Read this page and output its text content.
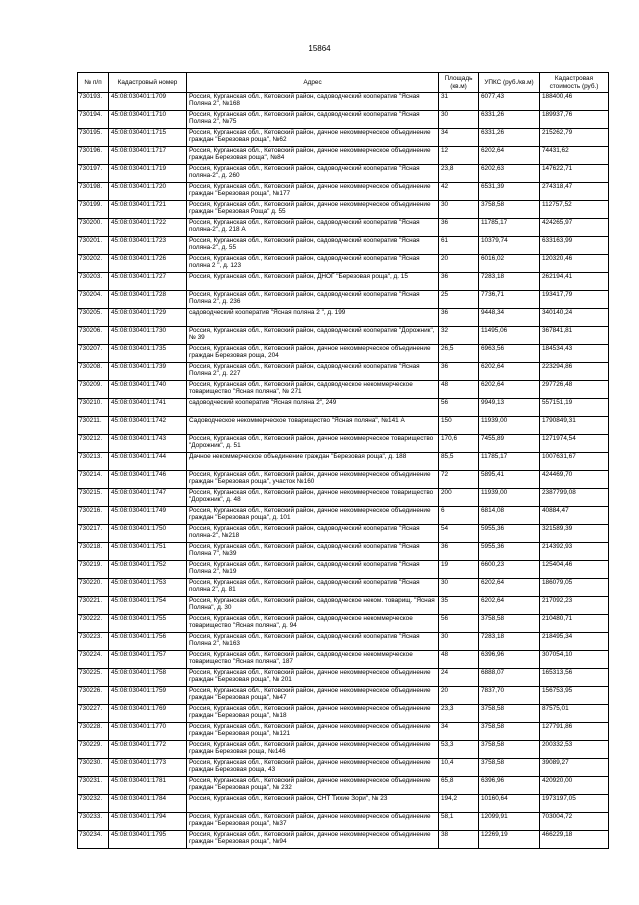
15864
№ п/п	Кадастровый номер	Адрес	Площадь (кв.м)	УПКС (руб./кв.м)	Кадастровая стоимость (руб.)
730193.	45:08:030401:1709	Россия, Курганская обл., Кетовский район, садоводческий кооператив "Ясная Поляна 2", №168	31	6077,43	188400,46
730194.	45:08:030401:1710	Россия, Курганская обл., Кетовский район, садоводческий кооператив "Ясная Поляна 2", №75	30	6331,26	189937,76
730195.	45:08:030401:1715	Россия, Курганская обл., Кетовский район, дачное некоммерческое объединение граждан "Березовая роща", №62	34	6331,26	215262,79
730196.	45:08:030401:1717	Россия, Курганская обл., Кетовский район, дачное некоммерческое объединение граждан Березовая роща", №84	12	6202,64	74431,62
730197.	45:08:030401:1719	Россия, Курганская обл., Кетовский район, садоводческий кооператив "Ясная поляна-2", д. 260	23,8	6202,63	147622,71
730198.	45:08:030401:1720	Россия, Курганская обл., Кетовский район, дачное некоммерческое объединение граждан "Березовая роща", №177	42	6531,39	274318,47
730199.	45:08:030401:1721	Россия, Курганская обл., Кетовский район, дачное некоммерческое объединение граждан "Березовая Роща" д. 55	30	3758,58	112757,52
730200.	45:08:030401:1722	Россия, Курганская обл., Кетовский район, садоводческий кооператив "Ясная поляна-2", д. 218 А	36	11785,17	424265,97
730201.	45:08:030401:1723	Россия, Курганская обл., Кетовский район, садоводческий кооператив "Ясная поляна-2", д. 55	61	10379,74	633163,99
730202.	45:08:030401:1726	Россия, Курганская обл., Кетовский район, садоводческий кооператив "Ясная поляна 2 ", д. 123	20	6016,02	120320,46
730203.	45:08:030401:1727	Россия, Курганская обл., Кетовский район, ДНОГ "Березовая роща", д. 15	36	7283,18	262194,41
730204.	45:08:030401:1728	Россия, Курганская обл., Кетовский район, садоводческий кооператив "Ясная Поляна 2", д. 236	25	7736,71	193417,79
730205.	45:08:030401:1729	садоводческий кооператив "Ясная поляна 2 ", д. 199	36	9448,34	340140,24
730206.	45:08:030401:1730	Россия, Курганская обл., Кетовский район, садоводческий кооператив "Дорожник", № 39	32	11495,06	367841,81
730207.	45:08:030401:1735	Россия, Курганская обл., Кетовский район, дачное некоммерческое объединение граждан Березовая роща, 204	26,5	6963,56	184534,43
730208.	45:08:030401:1739	Россия, Курганская обл., Кетовский район, садоводческий кооператив "Ясная Поляна 2", д. 227	36	6202,64	223294,86
730209.	45:08:030401:1740	Россия, Курганская обл., Кетовский район, садоводческое некоммерческое товарищество "Ясная поляна", № 271	48	6202,64	297726,48
730210.	45:08:030401:1741	садоводческий кооператив "Ясная поляна 2", 249	56	9949,13	557151,19
730211.	45:08:030401:1742	Садоводческое некоммерческое товарищество "Ясная поляна", №141 А	150	11939,00	1790849,31
730212.	45:08:030401:1743	Россия, Курганская обл., Кетовский район, дачное некоммерческое товарищество "Дорожник", д. 51	170,6	7455,89	1271974,54
730213.	45:08:030401:1744	Дачное некоммерческое объединение граждан "Березовая роща", д. 188	85,5	11785,17	1007631,67
730214.	45:08:030401:1746	Россия, Курганская обл., Кетовский район, дачное некоммерческое объединение граждан "Березовая роща", участок №160	72	5895,41	424469,70
730215.	45:08:030401:1747	Россия, Курганская обл., Кетовский район, дачное некоммерческое товарищество "Дорожник", д. 48	200	11939,00	2387799,08
730216.	45:08:030401:1749	Россия, Курганская обл., Кетовский район, дачное некоммерческое объединение граждан "Березовая роща", д. 101	6	6814,08	40884,47
730217.	45:08:030401:1750	Россия, Курганская обл., Кетовский район, садоводческий кооператив "Ясная поляна-2", №218	54	5955,36	321589,39
730218.	45:08:030401:1751	Россия, Курганская обл., Кетовский район, садоводческий кооператив "Ясная Поляна 7", №39	36	5955,36	214392,93
730219.	45:08:030401:1752	Россия, Курганская обл., Кетовский район, садоводческий кооператив "Ясная Поляна 2", №19	19	6600,23	125404,46
730220.	45:08:030401:1753	Россия, Курганская обл., Кетовский район, садоводческий кооператив "Ясная поляна 2", д. 81	30	6202,64	186079,05
730221.	45:08:030401:1754	Россия, Курганская обл., Кетовский район, садоводческое неком. товарищ. "Ясная Поляна", д. 30	35	6202,64	217092,23
730222.	45:08:030401:1755	Россия, Курганская обл., Кетовский район, садоводческое некоммерческое товарищество "Ясная поляна", д. 94	56	3758,58	210480,71
730223.	45:08:030401:1756	Россия, Курганская обл., Кетовский район, садоводческий кооператив "Ясная Поляна 2", №163	30	7283,18	218495,34
730224.	45:08:030401:1757	Россия, Курганская обл., Кетовский район, садоводческое некоммерческое товарищество "Ясная поляна", 187	48	6396,96	307054,10
730225.	45:08:030401:1758	Россия, Курганская обл., Кетовский район, дачное некоммерческое объединение граждан "Березовая роща", № 201	24	6888,07	165313,56
730226.	45:08:030401:1759	Россия, Курганская обл., Кетовский район, дачное некоммерческое объединение граждан "Березовая роща", №47	20	7837,70	156753,95
730227.	45:08:030401:1769	Россия, Курганская обл., Кетовский район, дачное некоммерческое объединение граждан "Березовая роща", №18	23,3	3758,58	87575,01
730228.	45:08:030401:1770	Россия, Курганская обл., Кетовский район, дачное некоммерческое объединение граждан "Березовая роща", №121	34	3758,58	127791,86
730229.	45:08:030401:1772	Россия, Курганская обл., Кетовский район, дачное некоммерческое объединение граждан Березовая роща, №146	53,3	3758,58	200332,53
730230.	45:08:030401:1773	Россия, Курганская обл., Кетовский район, дачное некоммерческое объединение граждан Березовая роща, 43	10,4	3758,58	39089,27
730231.	45:08:030401:1781	Россия, Курганская обл., Кетовский район, дачное некоммерческое объединение граждан "Березовая роща", № 232	65,8	6396,96	420920,00
730232.	45:08:030401:1784	Россия, Курганская обл., Кетовский район, СНТ Тихие Зори", № 23	194,2	10160,64	1973197,05
730233.	45:08:030401:1794	Россия, Курганская обл., Кетовский район, дачное некоммерческое объединение граждан "Березовая роща", №37	58,1	12099,91	703004,72
730234.	45:08:030401:1795	Россия, Курганская обл., Кетовский район, дачное некоммерческое объединение граждан "Березовая роща", №94	38	12269,19	466229,18
